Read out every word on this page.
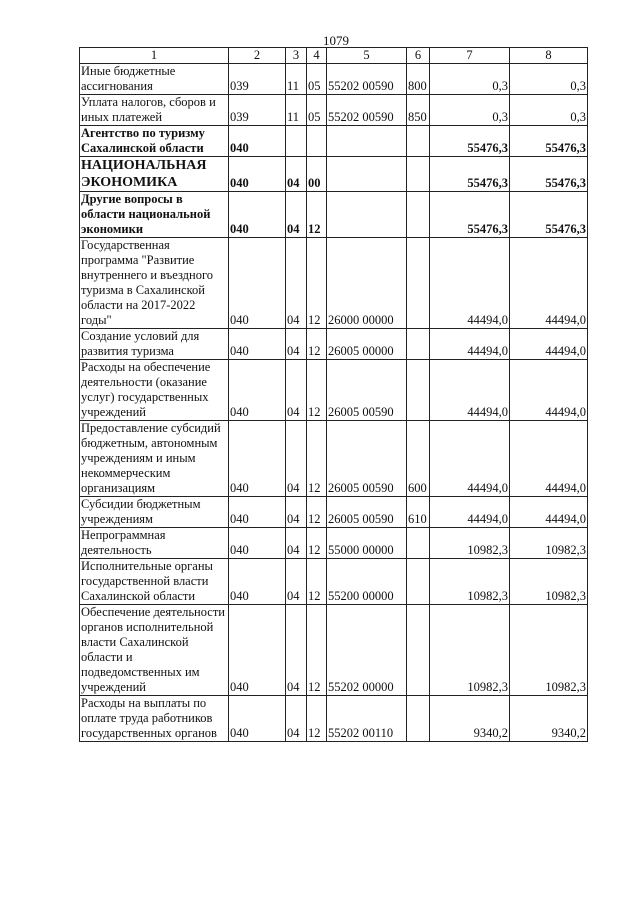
1079
1	2	3	4	5	6	7	8
Иные бюджетные ассигнования	039	11	05	55202 00590	800	0,3	0,3
Уплата налогов, сборов и иных платежей	039	11	05	55202 00590	850	0,3	0,3
Агентство по туризму Сахалинской области	040					55476,3	55476,3
НАЦИОНАЛЬНАЯ ЭКОНОМИКА	040	04	00			55476,3	55476,3
Другие вопросы в области национальной экономики	040	04	12			55476,3	55476,3
Государственная программа "Развитие внутреннего и въездного туризма в Сахалинской области на 2017-2022 годы"	040	04	12	26000 00000		44494,0	44494,0
Создание условий для развития туризма	040	04	12	26005 00000		44494,0	44494,0
Расходы на обеспечение деятельности (оказание услуг) государственных учреждений	040	04	12	26005 00590		44494,0	44494,0
Предоставление субсидий бюджетным, автономным учреждениям и иным некоммерческим организациям	040	04	12	26005 00590	600	44494,0	44494,0
Субсидии бюджетным учреждениям	040	04	12	26005 00590	610	44494,0	44494,0
Непрограммная деятельность	040	04	12	55000 00000		10982,3	10982,3
Исполнительные органы государственной власти Сахалинской области	040	04	12	55200 00000		10982,3	10982,3
Обеспечение деятельности органов исполнительной власти Сахалинской области и подведомственных им учреждений	040	04	12	55202 00000		10982,3	10982,3
Расходы на выплаты по оплате труда работников государственных органов	040	04	12	55202 00110		9340,2	9340,2
